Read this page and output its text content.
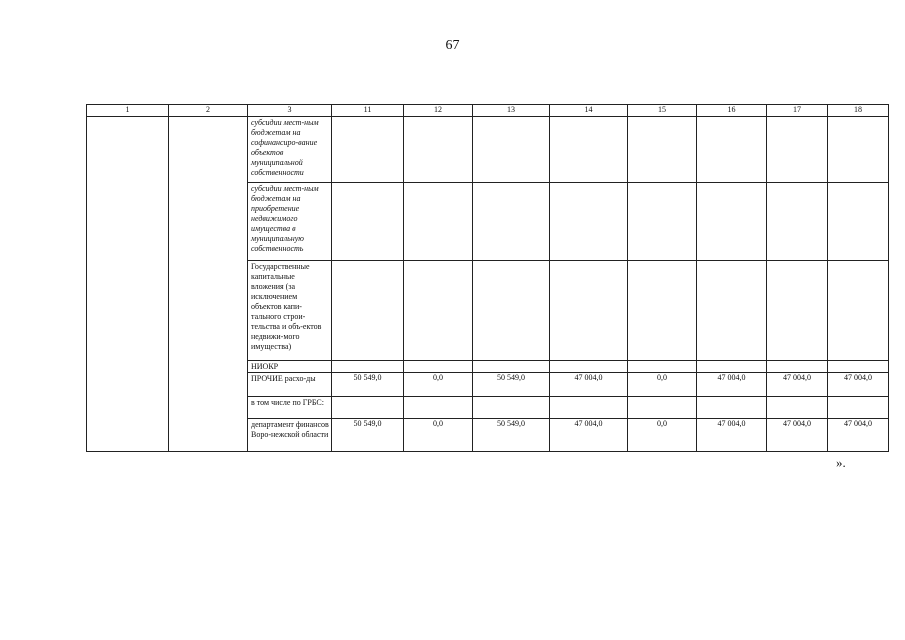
67
1	2	3	11	12	13	14	15	16	17	18
		субсидии мест-ным бюджетам на софинансиро-вание объектов муниципальной собственности								
		субсидии мест-ным бюджетам на приобретение недвижимого имущества в муниципальную собственность								
		Государственные капитальные вложения (за исключением объектов капи-тального строи-тельства и объ-ектов недвижи-мого имущества)								
		НИОКР								
		ПРОЧИЕ расхо-ды	50 549,0	0,0	50 549,0	47 004,0	0,0	47 004,0	47 004,0	47 004,0
		в том числе по ГРБС:								
		департамент финансов Воро-нежской области	50 549,0	0,0	50 549,0	47 004,0	0,0	47 004,0	47 004,0	47 004,0
».
